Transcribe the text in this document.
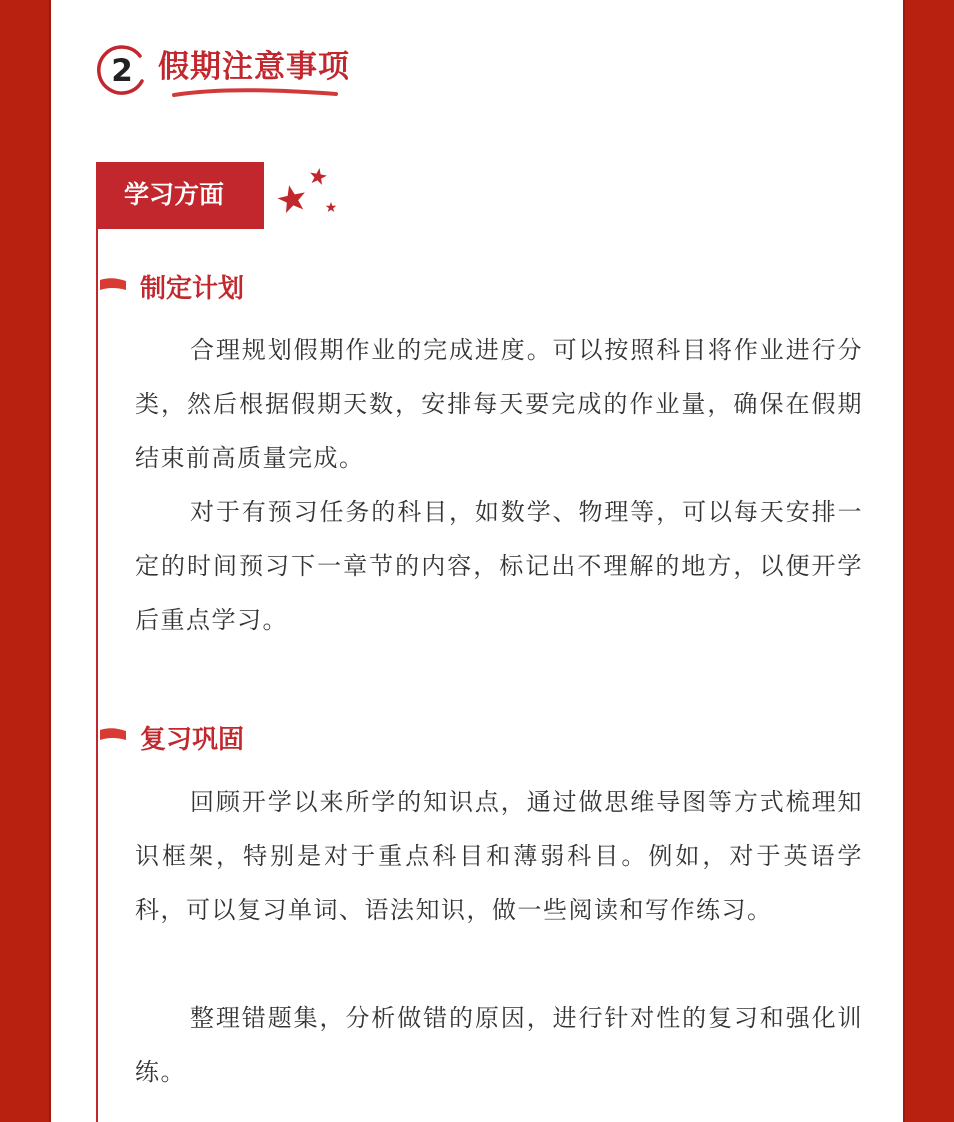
2 假期注意事项
学习方面
制定计划

合理规划假期作业的完成进度。可以按照科目将作业进行分类，然后根据假期天数，安排每天要完成的作业量，确保在假期结束前高质量完成。

对于有预习任务的科目，如数学、物理等，可以每天安排一定的时间预习下一章节的内容，标记出不理解的地方，以便开学后重点学习。

复习巩固

回顾开学以来所学的知识点，通过做思维导图等方式梳理知识框架，特别是对于重点科目和薄弱科目。例如，对于英语学科，可以复习单词、语法知识，做一些阅读和写作练习。

整理错题集，分析做错的原因，进行针对性的复习和强化训练。
